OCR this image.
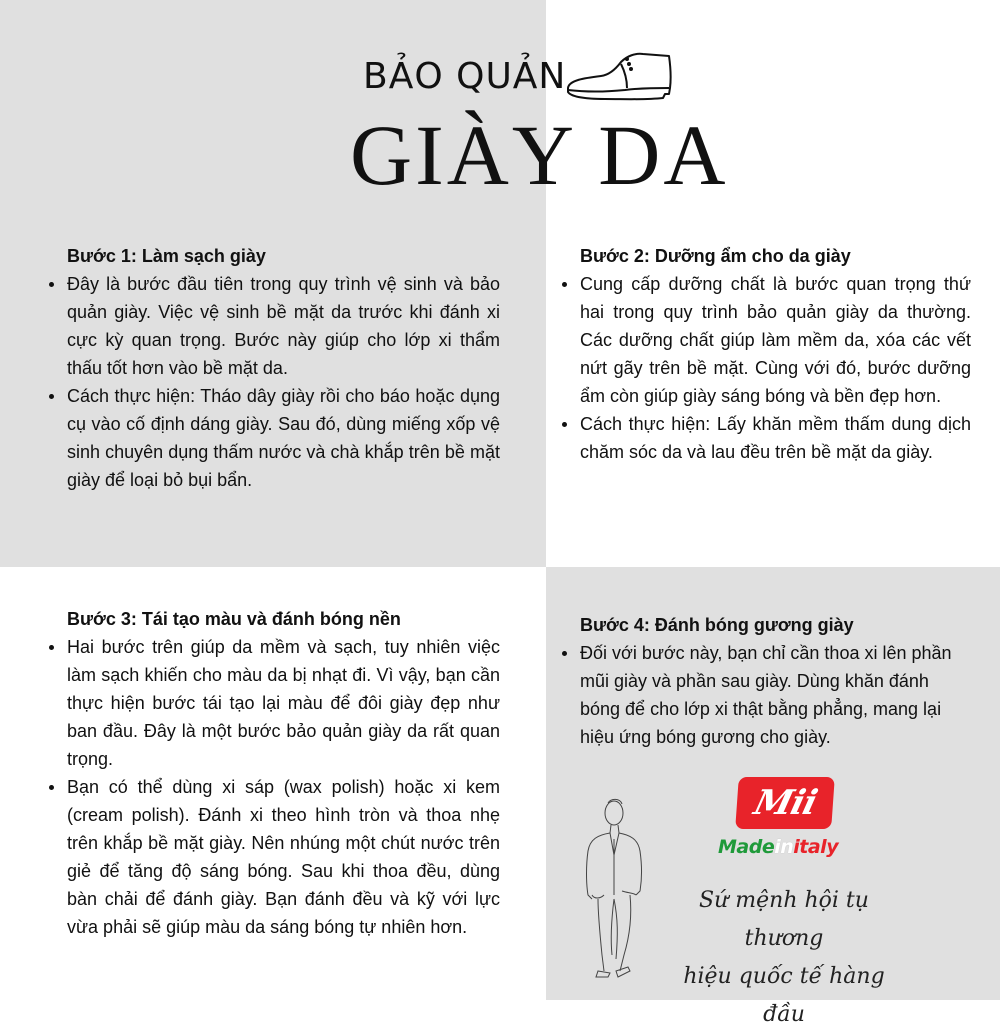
BẢO QUẢN
GIÀY DA
Bước 1: Làm sạch giày
Đây là bước đầu tiên trong quy trình vệ sinh và bảo quản giày. Việc vệ sinh bề mặt da trước khi đánh xi cực kỳ quan trọng. Bước này giúp cho lớp xi thẩm thấu tốt hơn vào bề mặt da.
Cách thực hiện: Tháo dây giày rồi cho báo hoặc dụng cụ vào cố định dáng giày. Sau đó, dùng miếng xốp vệ sinh chuyên dụng thấm nước và chà khắp trên bề mặt giày để loại bỏ bụi bẩn.
Bước 2: Dưỡng ẩm cho da giày
Cung cấp dưỡng chất là bước quan trọng thứ hai trong quy trình bảo quản giày da thường. Các dưỡng chất giúp làm mềm da, xóa các vết nứt gãy trên bề mặt. Cùng với đó, bước dưỡng ẩm còn giúp giày sáng bóng và bền đẹp hơn.
Cách thực hiện: Lấy khăn mềm thấm dung dịch chăm sóc da và lau đều trên bề mặt da giày.
Bước 3: Tái tạo màu và đánh bóng nền
Hai bước trên giúp da mềm và sạch, tuy nhiên việc làm sạch khiến cho màu da bị nhạt đi. Vì vậy, bạn cần thực hiện bước tái tạo lại màu để đôi giày đẹp như ban đầu. Đây là một bước bảo quản giày da rất quan trọng.
Bạn có thể dùng xi sáp (wax polish) hoặc xi kem (cream polish). Đánh xi theo hình tròn và thoa nhẹ trên khắp bề mặt giày. Nên nhúng một chút nước trên giẻ để tăng độ sáng bóng. Sau khi thoa đều, dùng bàn chải để đánh giày. Bạn đánh đều và kỹ với lực vừa phải sẽ giúp màu da sáng bóng tự nhiên hơn.
Bước 4: Đánh bóng gương giày
Đối với bước này, bạn chỉ cần thoa xi lên phần mũi giày và phần sau giày. Dùng khăn đánh bóng để cho lớp xi thật bằng phẳng, mang lại hiệu ứng bóng gương cho giày.
Mii
Madeinitaly
Sứ mệnh hội tụ thương
hiệu quốc tế hàng đầu
